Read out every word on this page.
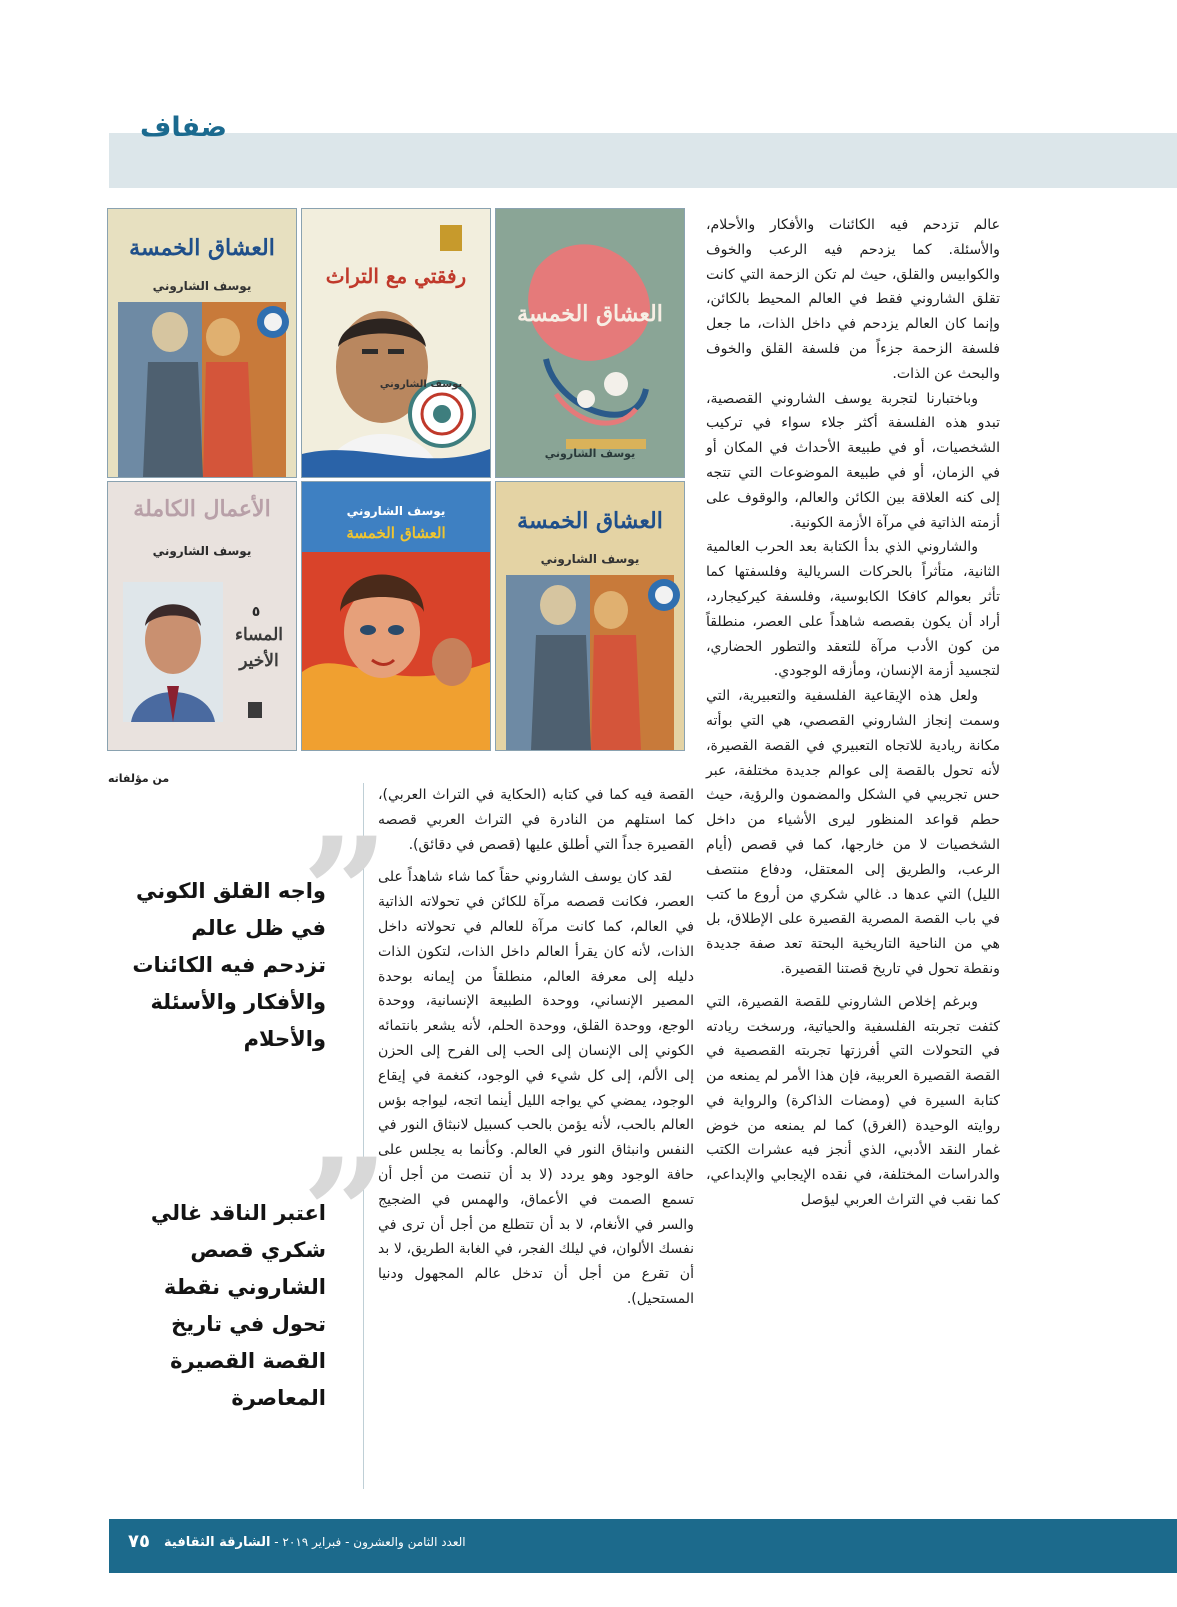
ضفاف
العشاق الخمسة
يوسف الشاروني
رفقتي مع التراث
يوسف الشاروني
العشاق الخمسة
يوسف الشاروني
العشاق الخمسة
يوسف الشاروني
يوسف الشاروني
العشاق الخمسة
الأعمال الكاملة
يوسف الشاروني
٥
المساء الأخير
من مؤلفاته

عالم تزدحم فيه الكائنات والأفكار والأحلام، والأسئلة. كما يزدحم فيه الرعب والخوف والكوابيس والقلق، حيث لم تكن الزحمة التي كانت تقلق الشاروني فقط في العالم المحيط بالكائن، وإنما كان العالم يزدحم في داخل الذات، ما جعل فلسفة الزحمة جزءاً من فلسفة القلق والخوف والبحث عن الذات.

وباختبارنا لتجربة يوسف الشاروني القصصية، تبدو هذه الفلسفة أكثر جلاء سواء في تركيب الشخصيات، أو في طبيعة الأحداث في المكان أو في الزمان، أو في طبيعة الموضوعات التي تتجه إلى كنه العلاقة بين الكائن والعالم، والوقوف على أزمته الذاتية في مرآة الأزمة الكونية.

والشاروني الذي بدأ الكتابة بعد الحرب العالمية الثانية، متأثراً بالحركات السريالية وفلسفتها كما تأثر بعوالم كافكا الكابوسية، وفلسفة كيركيجارد، أراد أن يكون بقصصه شاهداً على العصر، منطلقاً من كون الأدب مرآة للتعقد والتطور الحضاري، لتجسيد أزمة الإنسان، ومأزقه الوجودي.

ولعل هذه الإيقاعية الفلسفية والتعبيرية، التي وسمت إنجاز الشاروني القصصي، هي التي بوأته مكانة ريادية للاتجاه التعبيري في القصة القصيرة، لأنه تحول بالقصة إلى عوالم جديدة مختلفة، عبر حس تجريبي في الشكل والمضمون والرؤية، حيث حطم قواعد المنظور ليرى الأشياء من داخل الشخصيات لا من خارجها، كما في قصص (أيام الرعب، والطريق إلى المعتقل، ودفاع منتصف الليل) التي عدها د. غالي شكري من أروع ما كتب في باب القصة المصرية القصيرة على الإطلاق، بل هي من الناحية التاريخية البحتة تعد صفة جديدة ونقطة تحول في تاريخ قصتنا القصيرة.

وبرغم إخلاص الشاروني للقصة القصيرة، التي كثفت تجربته الفلسفية والحياتية، ورسخت ريادته في التحولات التي أفرزتها تجربته القصصية في القصة القصيرة العربية، فإن هذا الأمر لم يمنعه من كتابة السيرة في (ومضات الذاكرة) والرواية في روايته الوحيدة (الغرق) كما لم يمنعه من خوض غمار النقد الأدبي، الذي أنجز فيه عشرات الكتب والدراسات المختلفة، في نقده الإيجابي والإبداعي، كما نقب في التراث العربي ليؤصل

القصة فيه كما في كتابه (الحكاية في التراث العربي)، كما استلهم من النادرة في التراث العربي قصصه القصيرة جداً التي أطلق عليها (قصص في دقائق).

لقد كان يوسف الشاروني حقاً كما شاء شاهداً على العصر، فكانت قصصه مرآة للكائن في تحولاته الذاتية في العالم، كما كانت مرآة للعالم في تحولاته داخل الذات، لأنه كان يقرأ العالم داخل الذات، لتكون الذات دليله إلى معرفة العالم، منطلقاً من إيمانه بوحدة المصير الإنساني، ووحدة الطبيعة الإنسانية، ووحدة الوجع، ووحدة القلق، ووحدة الحلم، لأنه يشعر بانتمائه الكوني إلى الإنسان إلى الحب إلى الفرح إلى الحزن إلى الألم، إلى كل شيء في الوجود، كنغمة في إيقاع الوجود، يمضي كي يواجه الليل أينما اتجه، ليواجه بؤس العالم بالحب، لأنه يؤمن بالحب كسبيل لانبثاق النور في النفس وانبثاق النور في العالم. وكأنما به يجلس على حافة الوجود وهو يردد (لا بد أن تنصت من أجل أن تسمع الصمت في الأعماق، والهمس في الضجيج والسر في الأنغام، لا بد أن تتطلع من أجل أن ترى في نفسك الألوان، في ليلك الفجر، في الغابة الطريق، لا بد أن تقرع من أجل أن تدخل عالم المجهول ودنيا المستحيل).

”
واجه القلق الكوني في ظل عالم تزدحم فيه الكائنات والأفكار والأسئلة والأحلام
”
اعتبر الناقد غالي شكري قصص الشاروني نقطة تحول في تاريخ القصة القصيرة المعاصرة
العدد الثامن والعشرون - فبراير ٢٠١٩ - الشارقة الثقافية
٧٥
